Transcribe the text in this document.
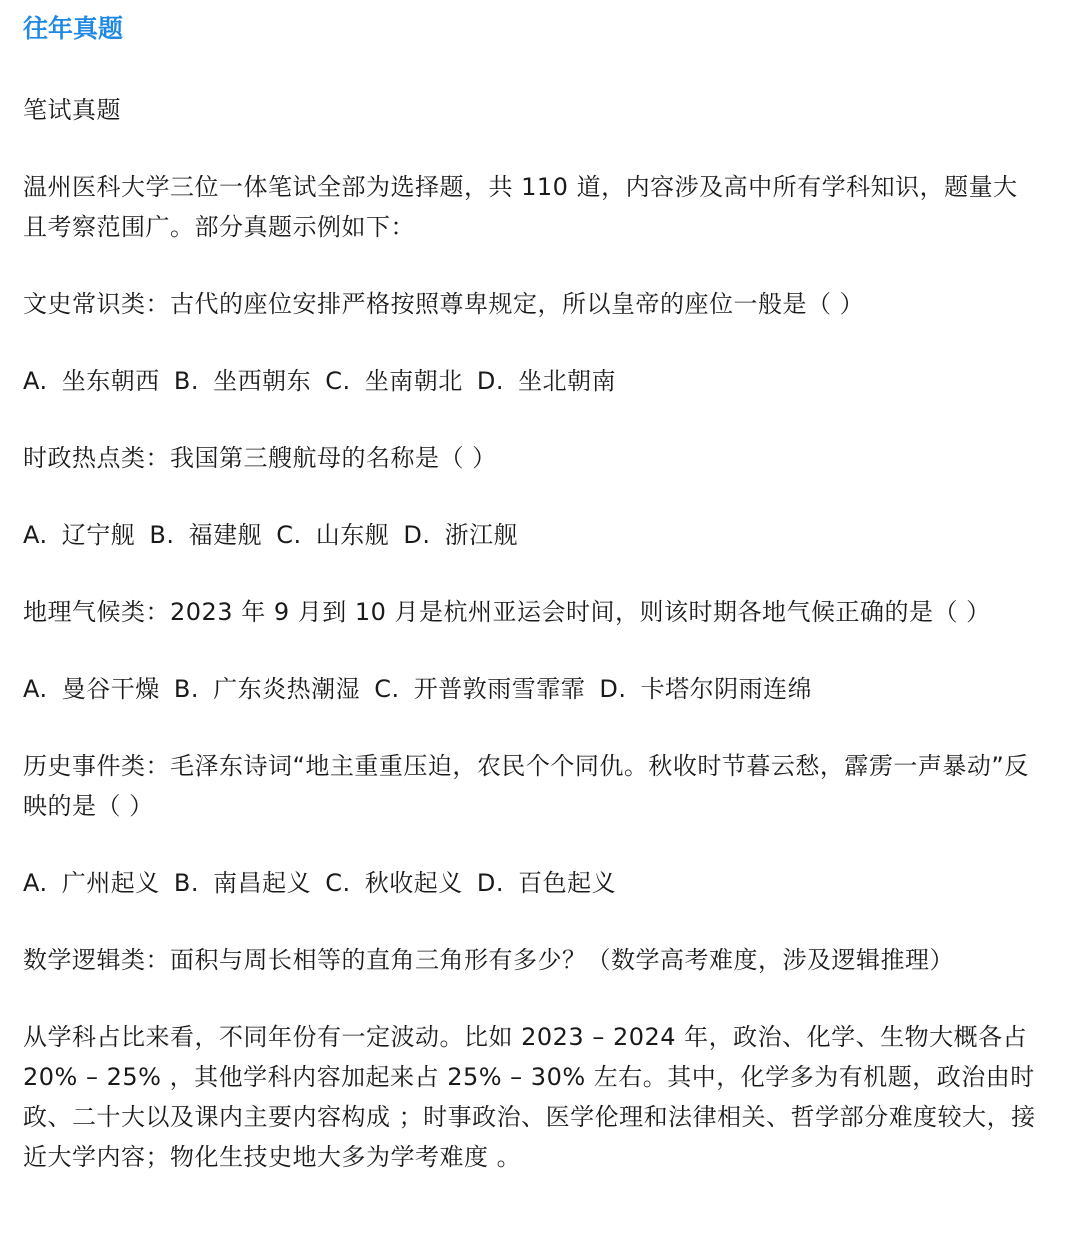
往年真题
笔试真题
温州医科大学三位一体笔试全部为选择题，共 110 道，内容涉及高中所有学科知识，题量大且考察范围广。部分真题示例如下：
文史常识类：古代的座位安排严格按照尊卑规定，所以皇帝的座位一般是（ ）
A. 坐东朝西 B. 坐西朝东 C. 坐南朝北 D. 坐北朝南
时政热点类：我国第三艘航母的名称是（ ）
A. 辽宁舰 B. 福建舰 C. 山东舰 D. 浙江舰
地理气候类：2023 年 9 月到 10 月是杭州亚运会时间，则该时期各地气候正确的是（ ）
A. 曼谷干燥 B. 广东炎热潮湿 C. 开普敦雨雪霏霏 D. 卡塔尔阴雨连绵
历史事件类：毛泽东诗词“地主重重压迫，农民个个同仇。秋收时节暮云愁，霹雳一声暴动”反映的是（ ）
A. 广州起义 B. 南昌起义 C. 秋收起义 D. 百色起义
数学逻辑类：面积与周长相等的直角三角形有多少？（数学高考难度，涉及逻辑推理）
从学科占比来看，不同年份有一定波动。比如 2023 – 2024 年，政治、化学、生物大概各占 20% – 25% ，其他学科内容加起来占 25% – 30% 左右。其中，化学多为有机题，政治由时政、二十大以及课内主要内容构成 ；时事政治、医学伦理和法律相关、哲学部分难度较大，接近大学内容；物化生技史地大多为学考难度 。
